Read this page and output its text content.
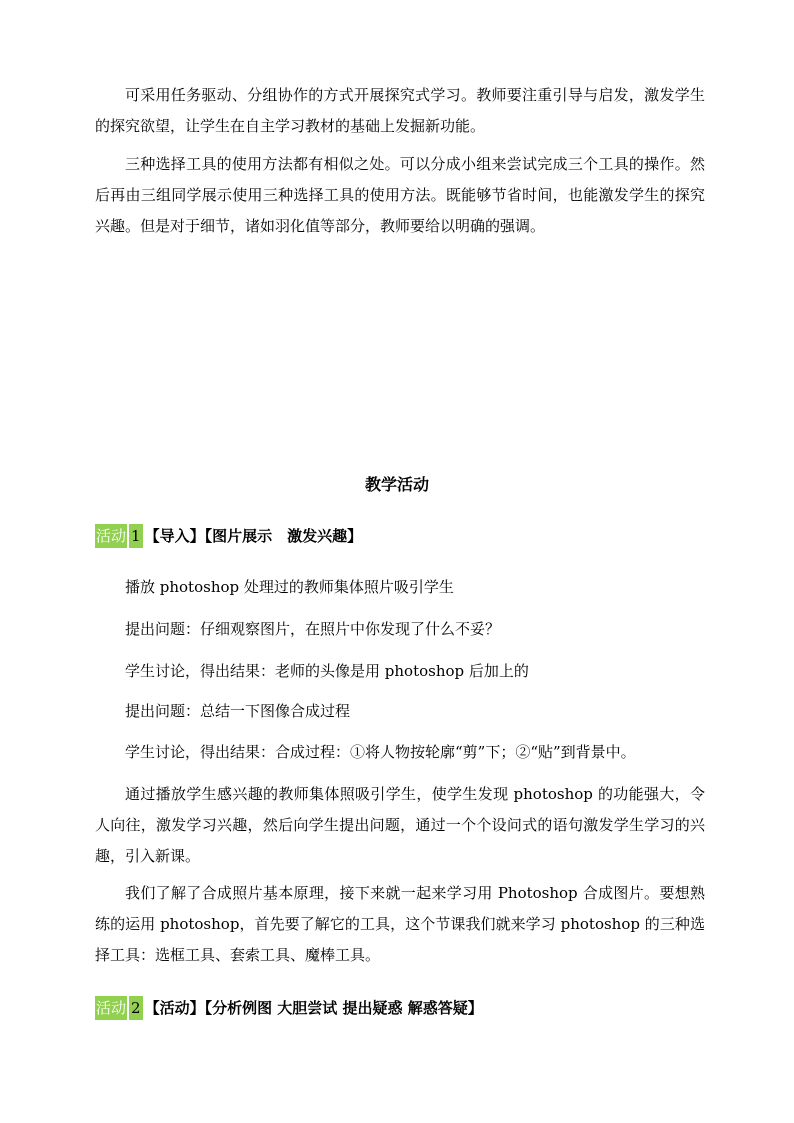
可采用任务驱动、分组协作的方式开展探究式学习。教师要注重引导与启发，激发学生的探究欲望，让学生在自主学习教材的基础上发掘新功能。

三种选择工具的使用方法都有相似之处。可以分成小组来尝试完成三个工具的操作。然后再由三组同学展示使用三种选择工具的使用方法。既能够节省时间，也能激发学生的探究兴趣。但是对于细节，诸如羽化值等部分，教师要给以明确的强调。

教学活动
活动 1 【导入】【图片展示　激发兴趣】

播放 photoshop 处理过的教师集体照片吸引学生

提出问题：仔细观察图片，在照片中你发现了什么不妥？

学生讨论，得出结果：老师的头像是用 photoshop 后加上的

提出问题：总结一下图像合成过程

学生讨论，得出结果：合成过程：①将人物按轮廓“剪”下；②“贴”到背景中。

通过播放学生感兴趣的教师集体照吸引学生，使学生发现 photoshop 的功能强大，令人向往，激发学习兴趣，然后向学生提出问题，通过一个个设问式的语句激发学生学习的兴趣，引入新课。

我们了解了合成照片基本原理，接下来就一起来学习用 Photoshop 合成图片。要想熟练的运用 photoshop，首先要了解它的工具，这个节课我们就来学习 photoshop 的三种选择工具：选框工具、套索工具、魔棒工具。

活动 2 【活动】【分析例图 大胆尝试 提出疑惑 解惑答疑】
